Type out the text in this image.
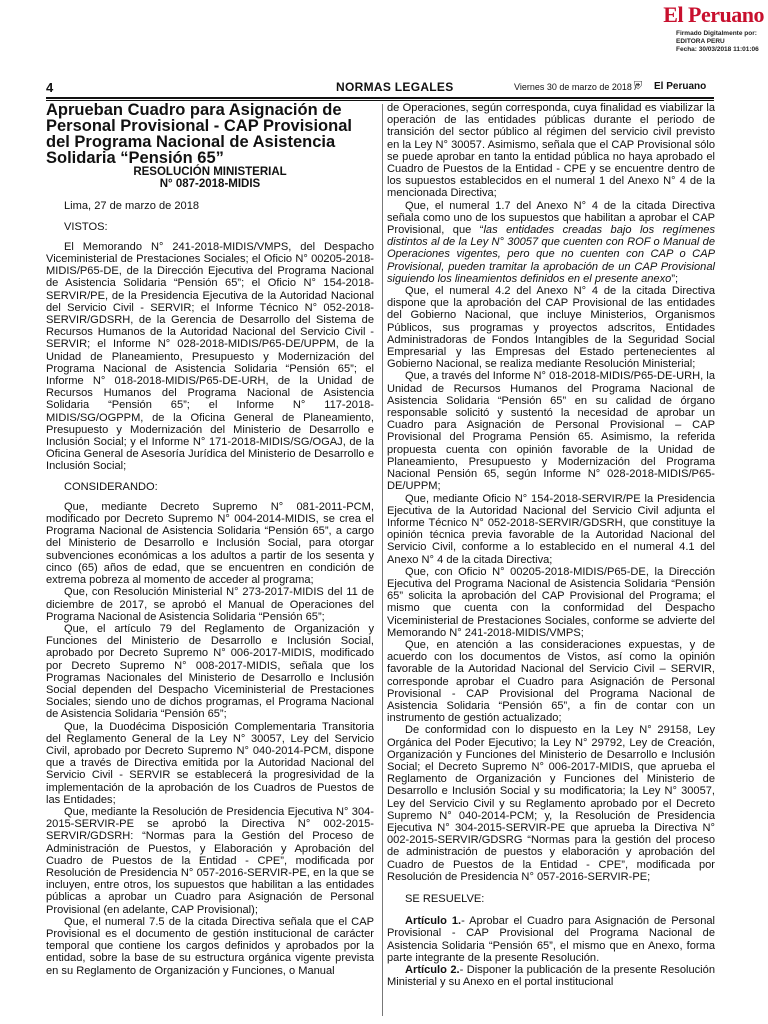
El Peruano
Firmado Digitalmente por:
EDITORA PERU
Fecha: 30/03/2018 11:01:06
4	NORMAS LEGALES	Viernes 30 de marzo de 2018 /
⛨ El Peruano

Aprueban Cuadro para Asignación de Personal Provisional - CAP Provisional del Programa Nacional de Asistencia Solidaria “Pensión 65”

RESOLUCIÓN MINISTERIAL

N° 087-2018-MIDIS

Lima, 27 de marzo de 2018

VISTOS:

El Memorando N° 241-2018-MIDIS/VMPS, del Despacho Viceministerial de Prestaciones Sociales; el Oficio N° 00205-2018-MIDIS/P65-DE, de la Dirección Ejecutiva del Programa Nacional de Asistencia Solidaria “Pensión 65”; el Oficio N° 154-2018-SERVIR/PE, de la Presidencia Ejecutiva de la Autoridad Nacional del Servicio Civil - SERVIR; el Informe Técnico N° 052-2018-SERVIR/GDSRH, de la Gerencia de Desarrollo del Sistema de Recursos Humanos de la Autoridad Nacional del Servicio Civil - SERVIR; el Informe N° 028-2018-MIDIS/P65-DE/UPPM, de la Unidad de Planeamiento, Presupuesto y Modernización del Programa Nacional de Asistencia Solidaria “Pensión 65”; el Informe N° 018-2018-MIDIS/P65-DE-URH, de la Unidad de Recursos Humanos del Programa Nacional de Asistencia Solidaria “Pensión 65”; el Informe N° 117-2018-MIDIS/SG/OGPPM, de la Oficina General de Planeamiento, Presupuesto y Modernización del Ministerio de Desarrollo e Inclusión Social; y el Informe N° 171-2018-MIDIS/SG/OGAJ, de la Oficina General de Asesoría Jurídica del Ministerio de Desarrollo e Inclusión Social;

CONSIDERANDO:

Que, mediante Decreto Supremo N° 081-2011-PCM, modificado por Decreto Supremo N° 004-2014-MIDIS, se crea el Programa Nacional de Asistencia Solidaria “Pensión 65”, a cargo del Ministerio de Desarrollo e Inclusión Social, para otorgar subvenciones económicas a los adultos a partir de los sesenta y cinco (65) años de edad, que se encuentren en condición de extrema pobreza al momento de acceder al programa;

Que, con Resolución Ministerial N° 273-2017-MIDIS del 11 de diciembre de 2017, se aprobó el Manual de Operaciones del Programa Nacional de Asistencia Solidaria “Pensión 65”;

Que, el artículo 79 del Reglamento de Organización y Funciones del Ministerio de Desarrollo e Inclusión Social, aprobado por Decreto Supremo N° 006-2017-MIDIS, modificado por Decreto Supremo N° 008-2017-MIDIS, señala que los Programas Nacionales del Ministerio de Desarrollo e Inclusión Social dependen del Despacho Viceministerial de Prestaciones Sociales; siendo uno de dichos programas, el Programa Nacional de Asistencia Solidaria “Pensión 65”;

Que, la Duodécima Disposición Complementaria Transitoria del Reglamento General de la Ley N° 30057, Ley del Servicio Civil, aprobado por Decreto Supremo N° 040-2014-PCM, dispone que a través de Directiva emitida por la Autoridad Nacional del Servicio Civil - SERVIR se establecerá la progresividad de la implementación de la aprobación de los Cuadros de Puestos de las Entidades;

Que, mediante la Resolución de Presidencia Ejecutiva N° 304-2015-SERVIR-PE se aprobó la Directiva N° 002-2015-SERVIR/GDSRH: “Normas para la Gestión del Proceso de Administración de Puestos, y Elaboración y Aprobación del Cuadro de Puestos de la Entidad - CPE”, modificada por Resolución de Presidencia N° 057-2016-SERVIR-PE, en la que se incluyen, entre otros, los supuestos que habilitan a las entidades públicas a aprobar un Cuadro para Asignación de Personal Provisional (en adelante, CAP Provisional);

Que, el numeral 7.5 de la citada Directiva señala que el CAP Provisional es el documento de gestión institucional de carácter temporal que contiene los cargos definidos y aprobados por la entidad, sobre la base de su estructura orgánica vigente prevista en su Reglamento de Organización y Funciones, o Manual

de Operaciones, según corresponda, cuya finalidad es viabilizar la operación de las entidades públicas durante el periodo de transición del sector público al régimen del servicio civil previsto en la Ley N° 30057. Asimismo, señala que el CAP Provisional sólo se puede aprobar en tanto la entidad pública no haya aprobado el Cuadro de Puestos de la Entidad - CPE y se encuentre dentro de los supuestos establecidos en el numeral 1 del Anexo N° 4 de la mencionada Directiva;

Que, el numeral 1.7 del Anexo N° 4 de la citada Directiva señala como uno de los supuestos que habilitan a aprobar el CAP Provisional, que “las entidades creadas bajo los regímenes distintos al de la Ley N° 30057 que cuenten con ROF o Manual de Operaciones vigentes, pero que no cuenten con CAP o CAP Provisional, pueden tramitar la aprobación de un CAP Provisional siguiendo los lineamientos definidos en el presente anexo”;

Que, el numeral 4.2 del Anexo N° 4 de la citada Directiva dispone que la aprobación del CAP Provisional de las entidades del Gobierno Nacional, que incluye Ministerios, Organismos Públicos, sus programas y proyectos adscritos, Entidades Administradoras de Fondos Intangibles de la Seguridad Social Empresarial y las Empresas del Estado pertenecientes al Gobierno Nacional, se realiza mediante Resolución Ministerial;

Que, a través del Informe N° 018-2018-MIDIS/P65-DE-URH, la Unidad de Recursos Humanos del Programa Nacional de Asistencia Solidaria “Pensión 65” en su calidad de órgano responsable solicitó y sustentó la necesidad de aprobar un Cuadro para Asignación de Personal Provisional – CAP Provisional del Programa Pensión 65. Asimismo, la referida propuesta cuenta con opinión favorable de la Unidad de Planeamiento, Presupuesto y Modernización del Programa Nacional Pensión 65, según Informe N° 028-2018-MIDIS/P65-DE/UPPM;

Que, mediante Oficio N° 154-2018-SERVIR/PE la Presidencia Ejecutiva de la Autoridad Nacional del Servicio Civil adjunta el Informe Técnico N° 052-2018-SERVIR/GDSRH, que constituye la opinión técnica previa favorable de la Autoridad Nacional del Servicio Civil, conforme a lo establecido en el numeral 4.1 del Anexo N° 4 de la citada Directiva;

Que, con Oficio N° 00205-2018-MIDIS/P65-DE, la Dirección Ejecutiva del Programa Nacional de Asistencia Solidaria “Pensión 65” solicita la aprobación del CAP Provisional del Programa; el mismo que cuenta con la conformidad del Despacho Viceministerial de Prestaciones Sociales, conforme se advierte del Memorando N° 241-2018-MIDIS/VMPS;

Que, en atención a las consideraciones expuestas, y de acuerdo con los documentos de Vistos, así como la opinión favorable de la Autoridad Nacional del Servicio Civil – SERVIR, corresponde aprobar el Cuadro para Asignación de Personal Provisional - CAP Provisional del Programa Nacional de Asistencia Solidaria “Pensión 65”, a fin de contar con un instrumento de gestión actualizado;

De conformidad con lo dispuesto en la Ley N° 29158, Ley Orgánica del Poder Ejecutivo; la Ley N° 29792, Ley de Creación, Organización y Funciones del Ministerio de Desarrollo e Inclusión Social; el Decreto Supremo N° 006-2017-MIDIS, que aprueba el Reglamento de Organización y Funciones del Ministerio de Desarrollo e Inclusión Social y su modificatoria; la Ley N° 30057, Ley del Servicio Civil y su Reglamento aprobado por el Decreto Supremo N° 040-2014-PCM; y, la Resolución de Presidencia Ejecutiva N° 304-2015-SERVIR-PE que aprueba la Directiva N° 002-2015-SERVIR/GDSRG “Normas para la gestión del proceso de administración de puestos y elaboración y aprobación del Cuadro de Puestos de la Entidad - CPE”, modificada por Resolución de Presidencia N° 057-2016-SERVIR-PE;

SE RESUELVE:

Artículo 1.- Aprobar el Cuadro para Asignación de Personal Provisional - CAP Provisional del Programa Nacional de Asistencia Solidaria “Pensión 65”, el mismo que en Anexo, forma parte integrante de la presente Resolución.

Artículo 2.- Disponer la publicación de la presente Resolución Ministerial y su Anexo en el portal institucional
